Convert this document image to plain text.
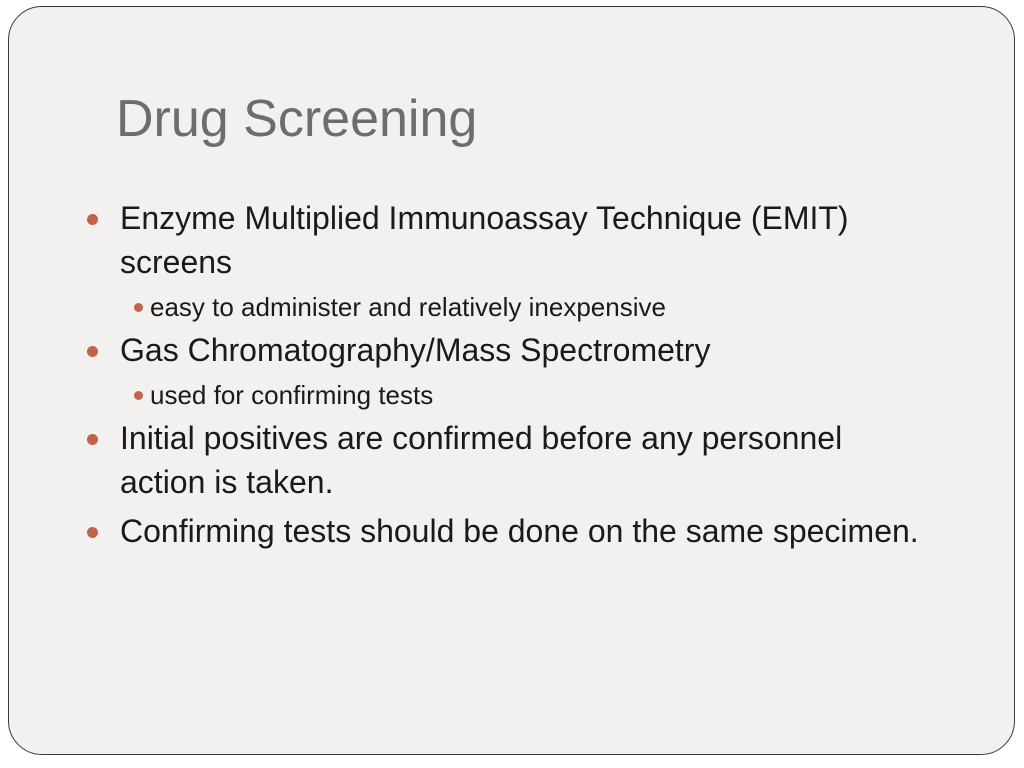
Drug Screening
Enzyme Multiplied Immunoassay Technique (EMIT) screens
easy to administer and relatively inexpensive
Gas Chromatography/Mass Spectrometry
used for confirming tests
Initial positives are confirmed before any personnel action is taken.
Confirming tests should be done on the same specimen.
